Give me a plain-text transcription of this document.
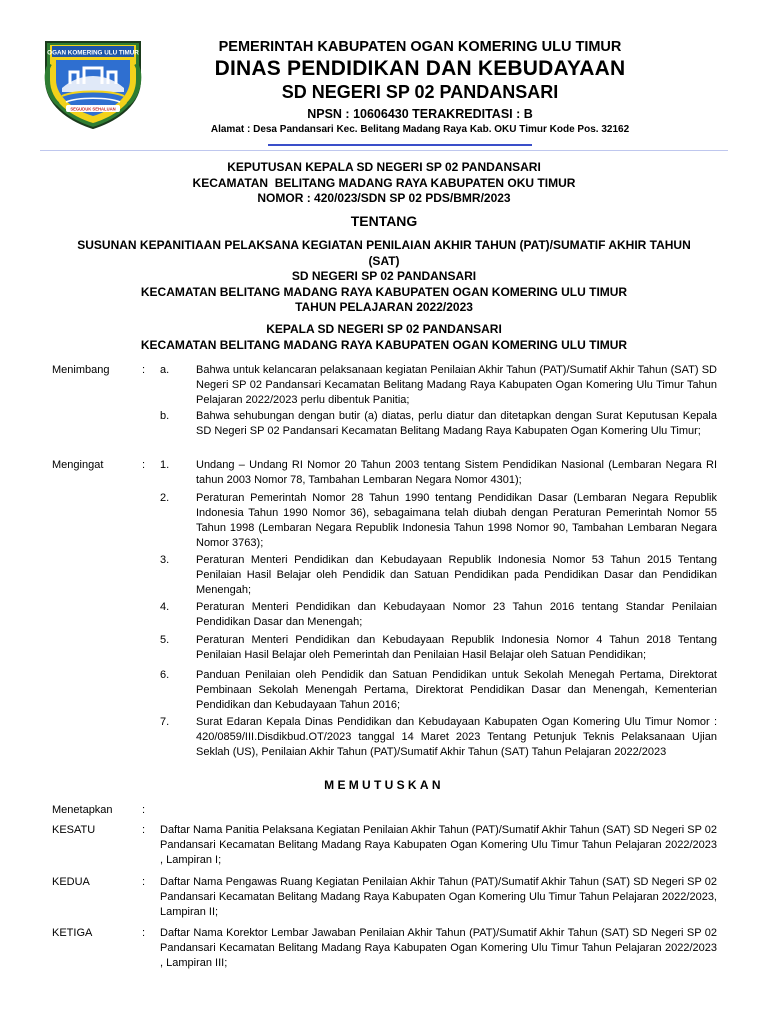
OGAN KOMERING ULU TIMUR
SEGUDUK SEHALUAN
PEMERINTAH KABUPATEN OGAN KOMERING ULU TIMUR
DINAS PENDIDIKAN DAN KEBUDAYAAN
SD NEGERI SP 02 PANDANSARI
NPSN : 10606430 TERAKREDITASI : B
Alamat : Desa Pandansari Kec. Belitang Madang Raya Kab. OKU Timur Kode Pos. 32162
KEPUTUSAN KEPALA SD NEGERI SP 02 PANDANSARI
KECAMATAN  BELITANG MADANG RAYA KABUPATEN OKU TIMUR
NOMOR : 420/023/SDN SP 02 PDS/BMR/2023
TENTANG
SUSUNAN KEPANITIAAN PELAKSANA KEGIATAN PENILAIAN AKHIR TAHUN (PAT)/SUMATIF AKHIR TAHUN
(SAT)
SD NEGERI SP 02 PANDANSARI
KECAMATAN BELITANG MADANG RAYA KABUPATEN OGAN KOMERING ULU TIMUR
TAHUN PELAJARAN 2022/2023
KEPALA SD NEGERI SP 02 PANDANSARI
KECAMATAN BELITANG MADANG RAYA KABUPATEN OGAN KOMERING ULU TIMUR
Menimbang	: a. Bahwa untuk kelancaran pelaksanaan kegiatan Penilaian Akhir Tahun (PAT)/Sumatif Akhir Tahun (SAT) SD Negeri SP 02 Pandansari Kecamatan Belitang Madang Raya Kabupaten Ogan Komering Ulu Timur Tahun Pelajaran 2022/2023 perlu dibentuk Panitia;
b. Bahwa sehubungan dengan butir (a) diatas, perlu diatur dan ditetapkan dengan Surat Keputusan Kepala SD Negeri SP 02 Pandansari Kecamatan Belitang Madang Raya Kabupaten Ogan Komering Ulu Timur;
Mengingat	: 1. Undang – Undang RI Nomor 20 Tahun 2003 tentang Sistem Pendidikan Nasional (Lembaran Negara RI tahun 2003 Nomor 78, Tambahan Lembaran Negara Nomor 4301);
2. Peraturan Pemerintah Nomor 28 Tahun 1990 tentang Pendidikan Dasar (Lembaran Negara Republik Indonesia Tahun 1990 Nomor 36), sebagaimana telah diubah dengan Peraturan Pemerintah Nomor 55 Tahun 1998 (Lembaran Negara Republik Indonesia Tahun 1998 Nomor 90, Tambahan Lembaran Negara Nomor 3763);
3. Peraturan Menteri Pendidikan dan Kebudayaan Republik Indonesia Nomor 53 Tahun 2015 Tentang Penilaian Hasil Belajar oleh Pendidik dan Satuan Pendidikan pada Pendidikan Dasar dan Pendidikan Menengah;
4. Peraturan Menteri Pendidikan dan Kebudayaan Nomor 23 Tahun 2016 tentang Standar Penilaian Pendidikan Dasar dan Menengah;
5. Peraturan Menteri Pendidikan dan Kebudayaan Republik Indonesia Nomor 4 Tahun 2018 Tentang Penilaian Hasil Belajar oleh Pemerintah dan Penilaian Hasil Belajar oleh Satuan Pendidikan;
6. Panduan Penilaian oleh Pendidik dan Satuan Pendidikan untuk Sekolah Menegah Pertama, Direktorat Pembinaan Sekolah Menengah Pertama, Direktorat Pendidikan Dasar dan Menengah, Kementerian Pendidikan dan Kebudayaan Tahun 2016;
7. Surat Edaran Kepala Dinas Pendidikan dan Kebudayaan Kabupaten Ogan Komering Ulu Timur Nomor : 420/0859/III.Disdikbud.OT/2023 tanggal 14 Maret 2023 Tentang Petunjuk Teknis Pelaksanaan Ujian Seklah (US), Penilaian Akhir Tahun (PAT)/Sumatif Akhir Tahun (SAT) Tahun Pelajaran 2022/2023
MEMUTUSKAN
Menetapkan	:
KESATU	: Daftar Nama Panitia Pelaksana Kegiatan Penilaian Akhir Tahun (PAT)/Sumatif Akhir Tahun (SAT) SD Negeri SP 02 Pandansari Kecamatan Belitang Madang Raya Kabupaten Ogan Komering Ulu Timur Tahun Pelajaran 2022/2023 , Lampiran I;
KEDUA	: Daftar Nama Pengawas Ruang Kegiatan Penilaian Akhir Tahun (PAT)/Sumatif Akhir Tahun (SAT) SD Negeri SP 02 Pandansari Kecamatan Belitang Madang Raya Kabupaten Ogan Komering Ulu Timur Tahun Pelajaran 2022/2023, Lampiran II;
KETIGA	: Daftar Nama Korektor Lembar Jawaban Penilaian Akhir Tahun (PAT)/Sumatif Akhir Tahun (SAT) SD Negeri SP 02 Pandansari Kecamatan Belitang Madang Raya Kabupaten Ogan Komering Ulu Timur Tahun Pelajaran 2022/2023 , Lampiran III;
